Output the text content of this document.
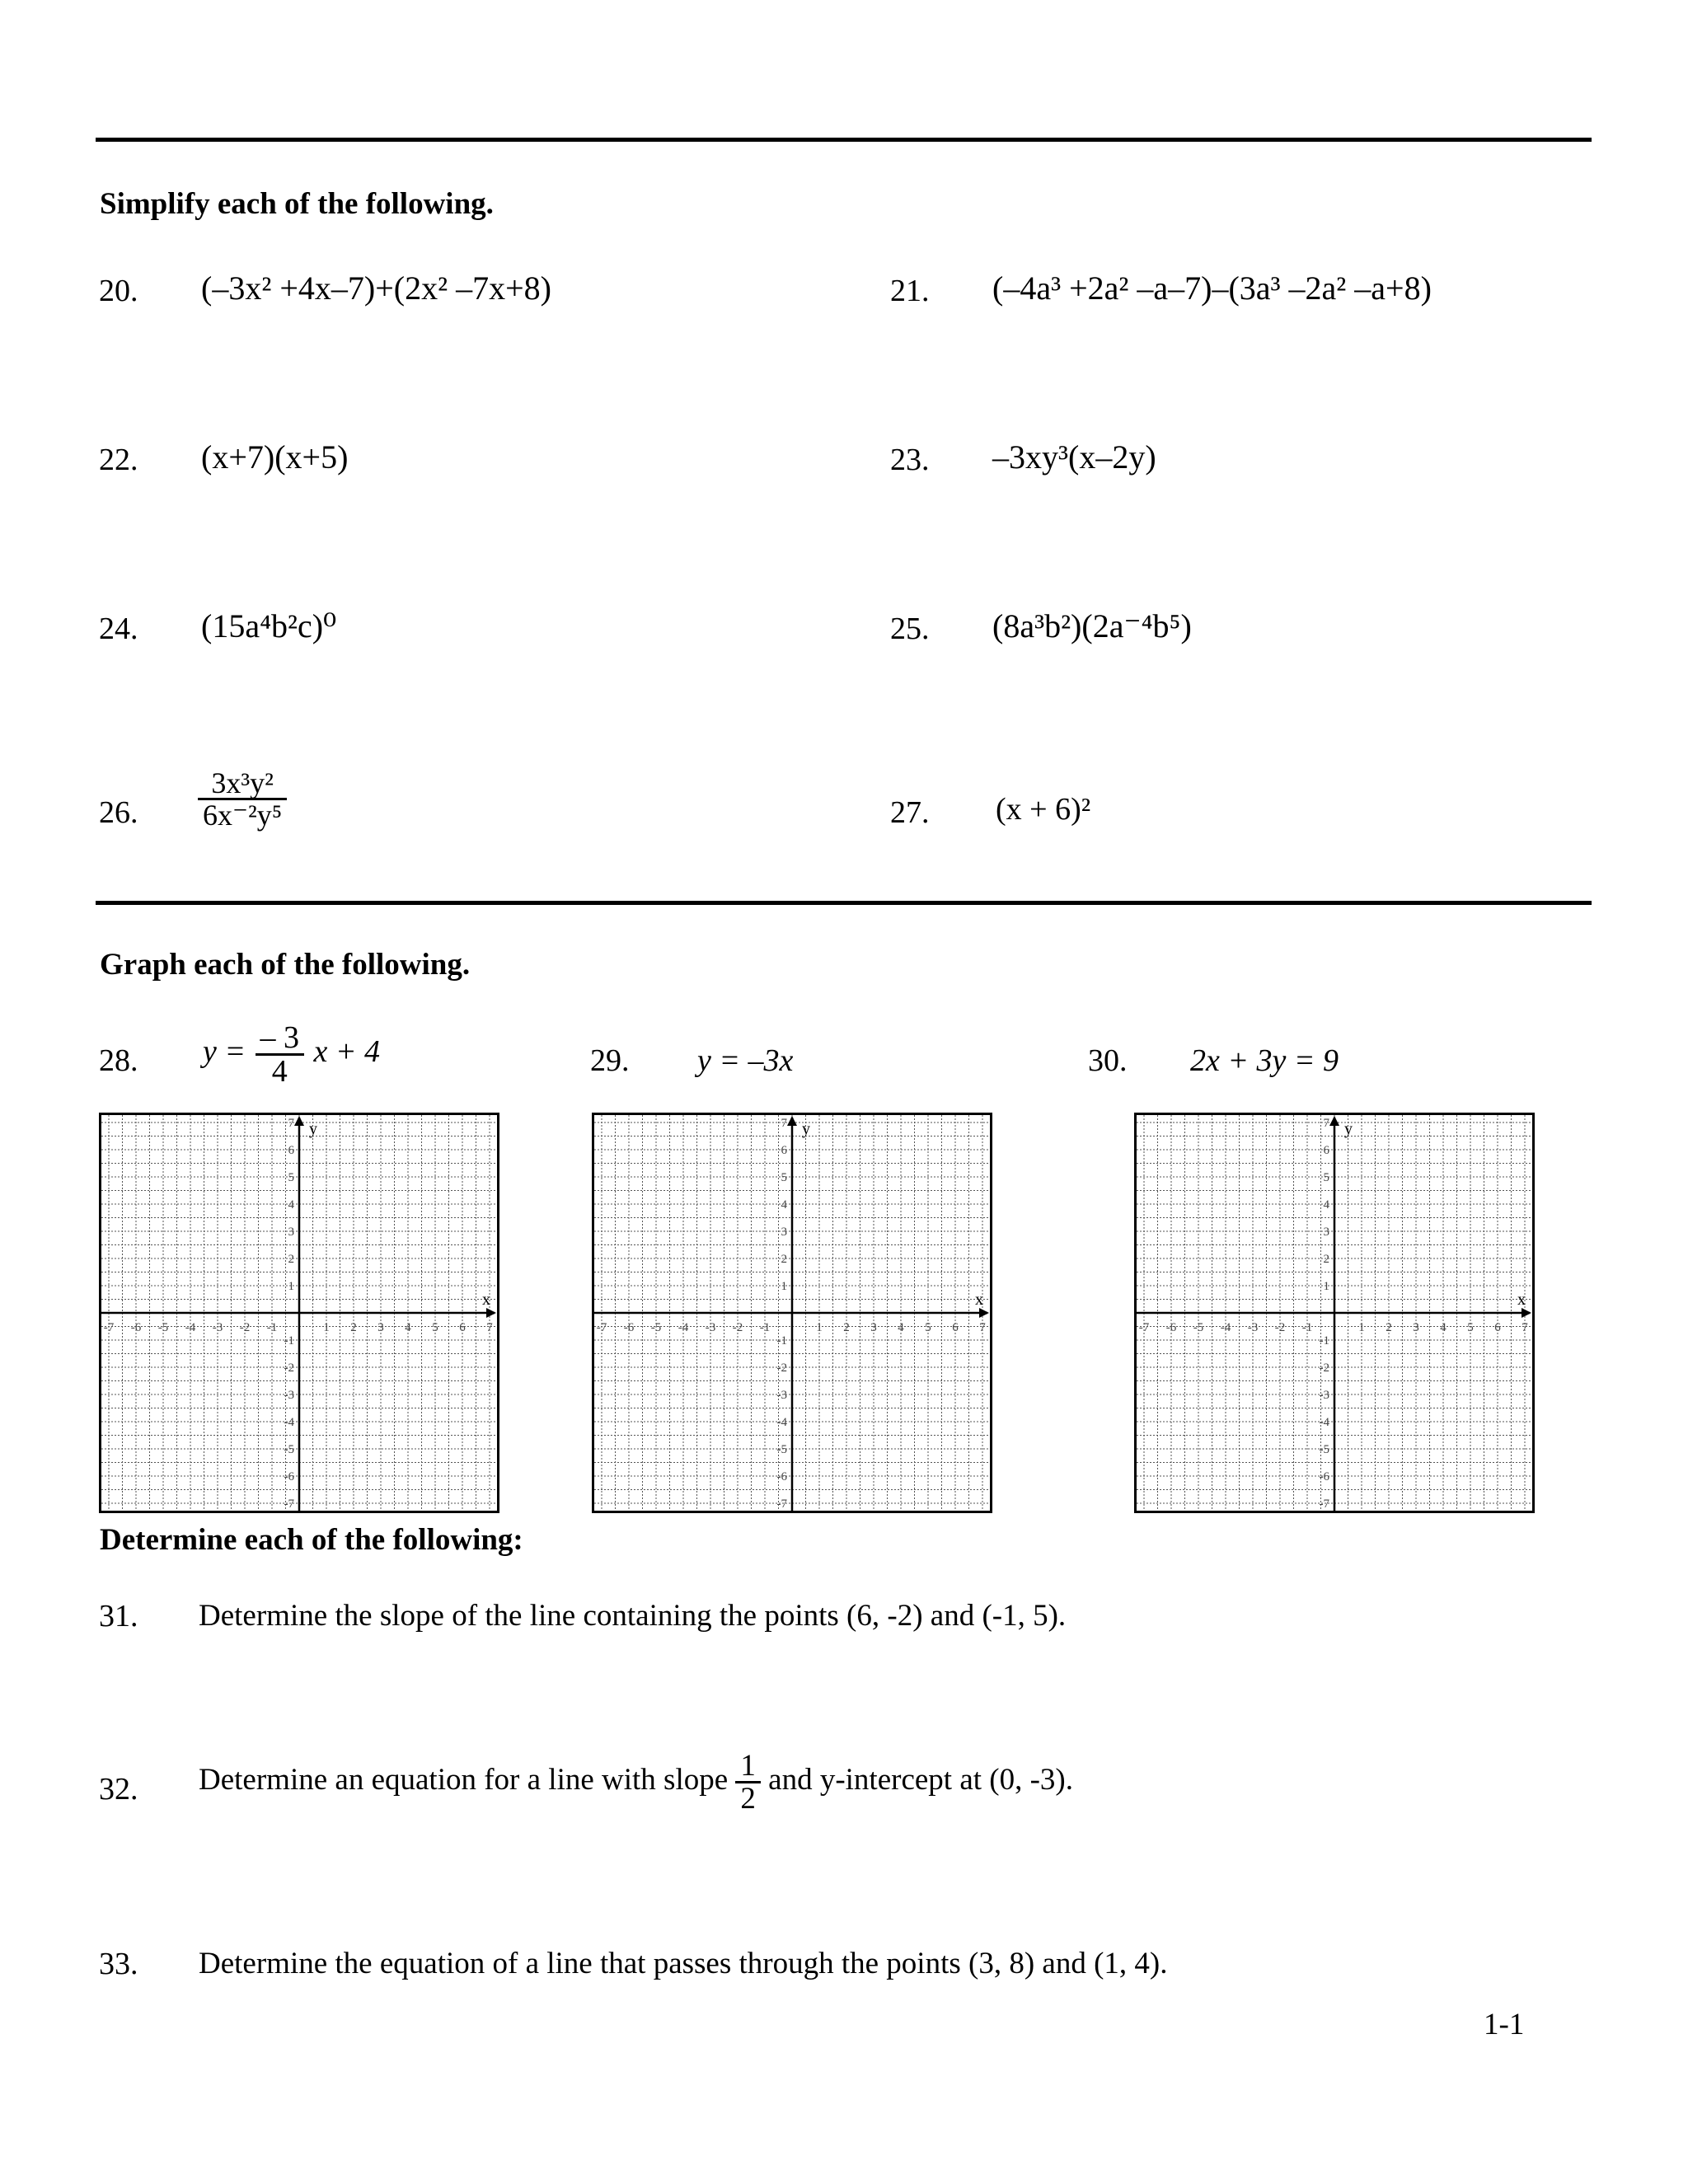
Simplify each of the following.
20. (–3x² +4x–7)+(2x² –7x+8)	21. (–4a³ +2a² –a–7)–(3a³ –2a² –a+8)
22. (x+7)(x+5)	23. –3xy³(x–2y)
24. (15a⁴b²c)⁰	25. (8a³b²)(2a⁻⁴b⁵)
26. $\frac{\text{3x³y²}}{\text{6x⁻²y⁵}}$	27. (x + 6)²
Graph each of the following.
28. $y = \frac{- 3}{4}$ x + 4	29. y = –3x	30. 2x + 3y = 9
x
y
-7 -6 -5 -4 -3 -2 -1	1 2 3 4 5 6 7
7
-1
6
-2
5
-3
4
-4
3
-5
2
-6
1
-7
x
y
-7 -6 -5 -4 -3 -2 -1	1 2 3 4 5 6 7
7
-1
6
-2
5
-3
4
-4
3
-5
2
-6
1
-7
x
y
-7 -6 -5 -4 -3 -2 -1	1 2 3 4 5 6 7
7
-1
6
-2
5
-3
4
-4
3
-5
2
-6
1
-7
Determine each of the following:
31. Determine the slope of the line containing the points (6, -2) and (-1, 5).
32. Determine an equation for a line with slope $\frac{1}{2}$ and y-intercept at (0, -3).
33. Determine the equation of a line that passes through the points (3, 8) and (1, 4).
1-1
